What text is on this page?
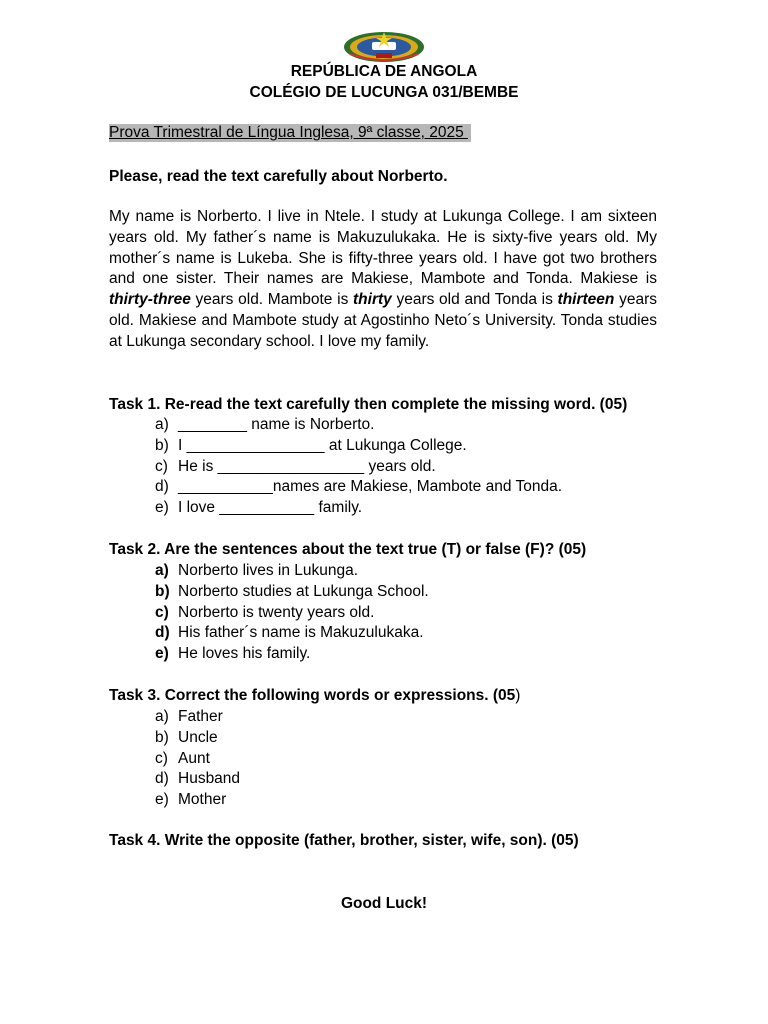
REPÚBLICA DE ANGOLA
COLÉGIO DE LUCUNGA 031/BEMBE
Prova Trimestral de Língua Inglesa, 9ª classe, 2025
Please, read the text carefully about Norberto.
My name is Norberto. I live in Ntele. I study at Lukunga College. I am sixteen years old. My father´s name is Makuzulukaka. He is sixty-five years old. My mother´s name is Lukeba. She is fifty-three years old. I have got two brothers and one sister. Their names are Makiese, Mambote and Tonda. Makiese is thirty-three years old. Mambote is thirty years old and Tonda is thirteen years old. Makiese and Mambote study at Agostinho Neto´s University. Tonda studies at Lukunga secondary school. I love my family.
Task 1. Re-read the text carefully then complete the missing word. (05)
a) ________ name is Norberto.
b) I ________________ at Lukunga College.
c) He is _________________ years old.
d) ___________names are Makiese, Mambote and Tonda.
e) I love ___________ family.
Task 2. Are the sentences about the text true (T) or false (F)? (05)
a) Norberto lives in Lukunga.
b) Norberto studies at Lukunga School.
c) Norberto is twenty years old.
d) His father´s name is Makuzulukaka.
e) He loves his family.
Task 3. Correct the following words or expressions. (05)
a) Father
b) Uncle
c) Aunt
d) Husband
e) Mother
Task 4. Write the opposite (father, brother, sister, wife, son). (05)
Good Luck!
